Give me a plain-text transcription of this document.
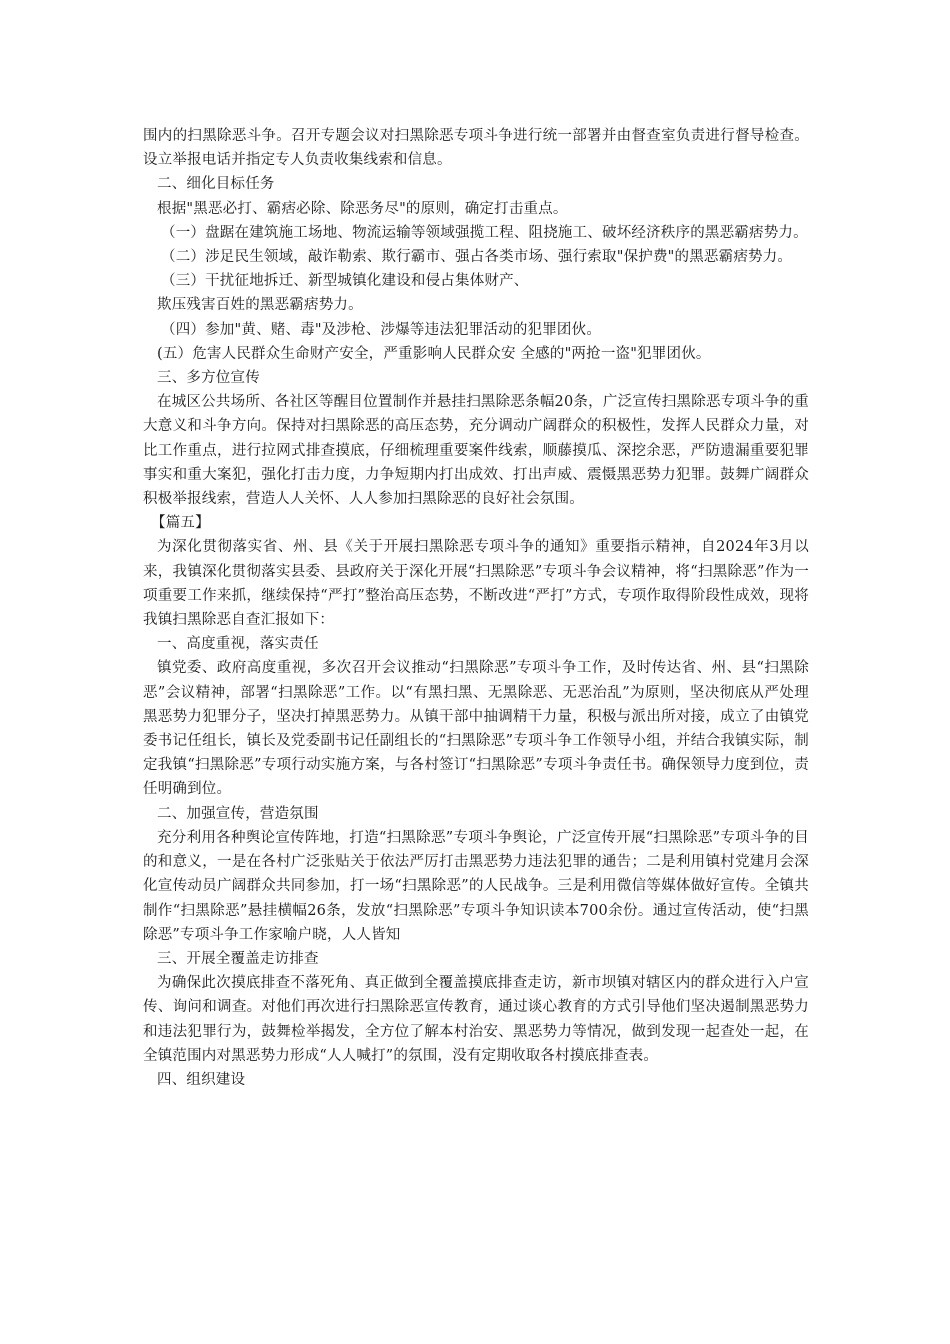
围内的扫黑除恶斗争。召开专题会议对扫黑除恶专项斗争进行统一部署并由督查室负责进行督导检查。设立举报电话并指定专人负责收集线索和信息。

二、细化目标任务

根据"黑恶必打、霸痞必除、除恶务尽"的原则，确定打击重点。

（一）盘踞在建筑施工场地、物流运输等领域强揽工程、阻挠施工、破坏经济秩序的黑恶霸痞势力。

（二）涉足民生领域，敲诈勒索、欺行霸市、强占各类市场、强行索取"保护费"的黑恶霸痞势力。

（三）干扰征地拆迁、新型城镇化建设和侵占集体财产、

欺压残害百姓的黑恶霸痞势力。

（四）参加"黄、赌、毒"及涉枪、涉爆等违法犯罪活动的犯罪团伙。

(五）危害人民群众生命财产安全，严重影响人民群众安 全感的"两抢一盗"犯罪团伙。

三、多方位宣传

在城区公共场所、各社区等醒目位置制作并悬挂扫黑除恶条幅20条，广泛宣传扫黑除恶专项斗争的重大意义和斗争方向。保持对扫黑除恶的高压态势，充分调动广阔群众的积极性，发挥人民群众力量，对比工作重点，进行拉网式排查摸底，仔细梳理重要案件线索，顺藤摸瓜、深挖余恶，严防遗漏重要犯罪事实和重大案犯，强化打击力度，力争短期内打出成效、打出声威、震慑黑恶势力犯罪。鼓舞广阔群众积极举报线索，营造人人关怀、人人参加扫黑除恶的良好社会氛围。

【篇五】

为深化贯彻落实省、州、县《关于开展扫黑除恶专项斗争的通知》重要指示精神，自2024年3月以来，我镇深化贯彻落实县委、县政府关于深化开展“扫黑除恶”专项斗争会议精神，将“扫黑除恶”作为一项重要工作来抓，继续保持“严打”整治高压态势，不断改进“严打”方式，专项作取得阶段性成效，现将我镇扫黑除恶自查汇报如下：

一、高度重视，落实责任

镇党委、政府高度重视，多次召开会议推动“扫黑除恶”专项斗争工作，及时传达省、州、县“扫黑除恶”会议精神，部署“扫黑除恶”工作。以“有黑扫黑、无黑除恶、无恶治乱”为原则，坚决彻底从严处理黑恶势力犯罪分子，坚决打掉黑恶势力。从镇干部中抽调精干力量，积极与派出所对接，成立了由镇党委书记任组长，镇长及党委副书记任副组长的“扫黑除恶”专项斗争工作领导小组，并结合我镇实际，制定我镇“扫黑除恶”专项行动实施方案，与各村签订“扫黑除恶”专项斗争责任书。确保领导力度到位，责任明确到位。

二、加强宣传，营造氛围

充分利用各种舆论宣传阵地，打造“扫黑除恶”专项斗争舆论，广泛宣传开展“扫黑除恶”专项斗争的目的和意义，一是在各村广泛张贴关于依法严厉打击黑恶势力违法犯罪的通告；二是利用镇村党建月会深化宣传动员广阔群众共同参加，打一场“扫黑除恶”的人民战争。三是利用微信等媒体做好宣传。全镇共制作“扫黑除恶”悬挂横幅26条，发放“扫黑除恶”专项斗争知识读本700余份。通过宣传活动，使“扫黑除恶”专项斗争工作家喻户晓，人人皆知

三、开展全覆盖走访排查

为确保此次摸底排查不落死角、真正做到全覆盖摸底排查走访，新市坝镇对辖区内的群众进行入户宣传、询问和调查。对他们再次进行扫黑除恶宣传教育，通过谈心教育的方式引导他们坚决遏制黑恶势力和违法犯罪行为，鼓舞检举揭发，全方位了解本村治安、黑恶势力等情况，做到发现一起查处一起，在全镇范围内对黑恶势力形成“人人喊打”的氛围，没有定期收取各村摸底排查表。

四、组织建设
